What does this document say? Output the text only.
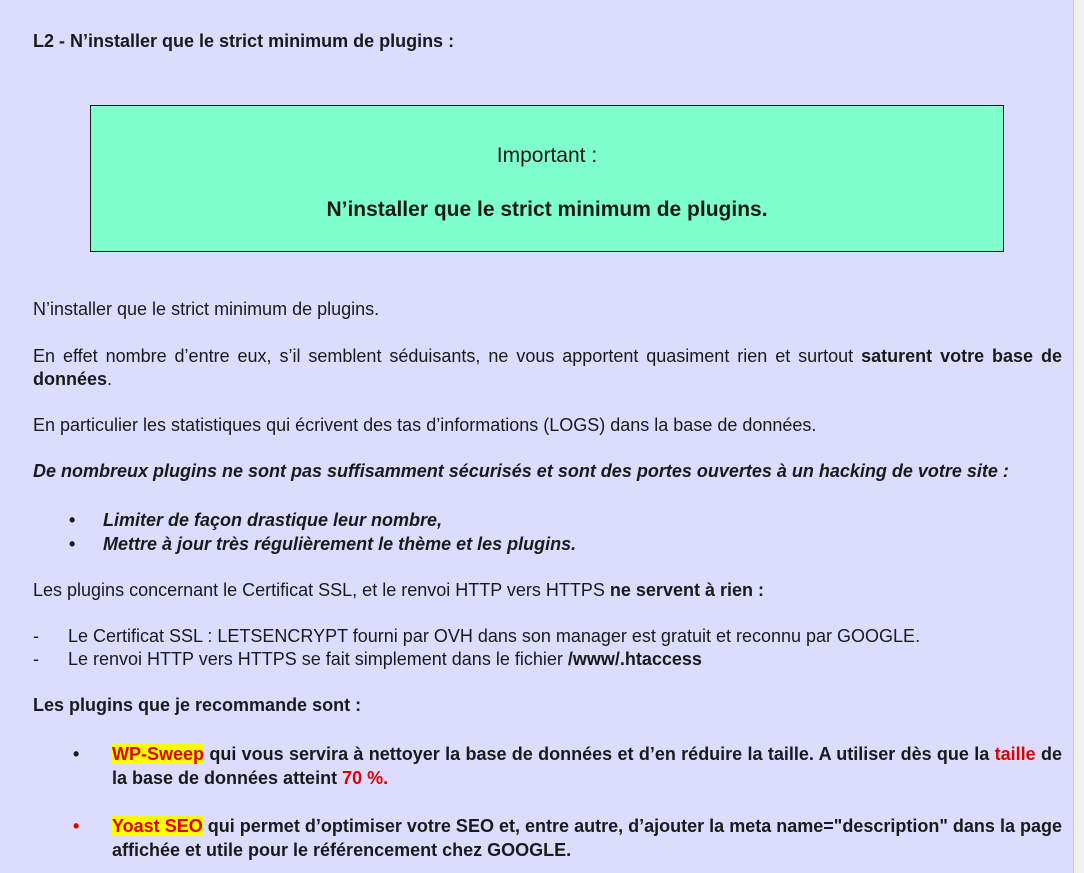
L2 - N’installer que le strict minimum de plugins :
Important :
N’installer que le strict minimum de plugins.

N’installer que le strict minimum de plugins.

En effet nombre d’entre eux, s’il semblent séduisants, ne vous apportent quasiment rien et surtout saturent votre base de données.

En particulier les statistiques qui écrivent des tas d’informations (LOGS) dans la base de données.

De nombreux plugins ne sont pas suffisamment sécurisés et sont des portes ouvertes à un hacking de votre site :

• Limiter de façon drastique leur nombre,
• Mettre à jour très régulièrement le thème et les plugins.

Les plugins concernant le Certificat SSL, et le renvoi HTTP vers HTTPS ne servent à rien :

- Le Certificat SSL : LETSENCRYPT fourni par OVH dans son manager est gratuit et reconnu par GOOGLE.
- Le renvoi HTTP vers HTTPS se fait simplement dans le fichier /www/.htaccess

Les plugins que je recommande sont :

• WP-Sweep qui vous servira à nettoyer la base de données et d’en réduire la taille. A utiliser dès que la taille de la base de données atteint 70 %.
• Yoast SEO qui permet d’optimiser votre SEO et, entre autre, d’ajouter la meta name="description" dans la page affichée et utile pour le référencement chez GOOGLE.
